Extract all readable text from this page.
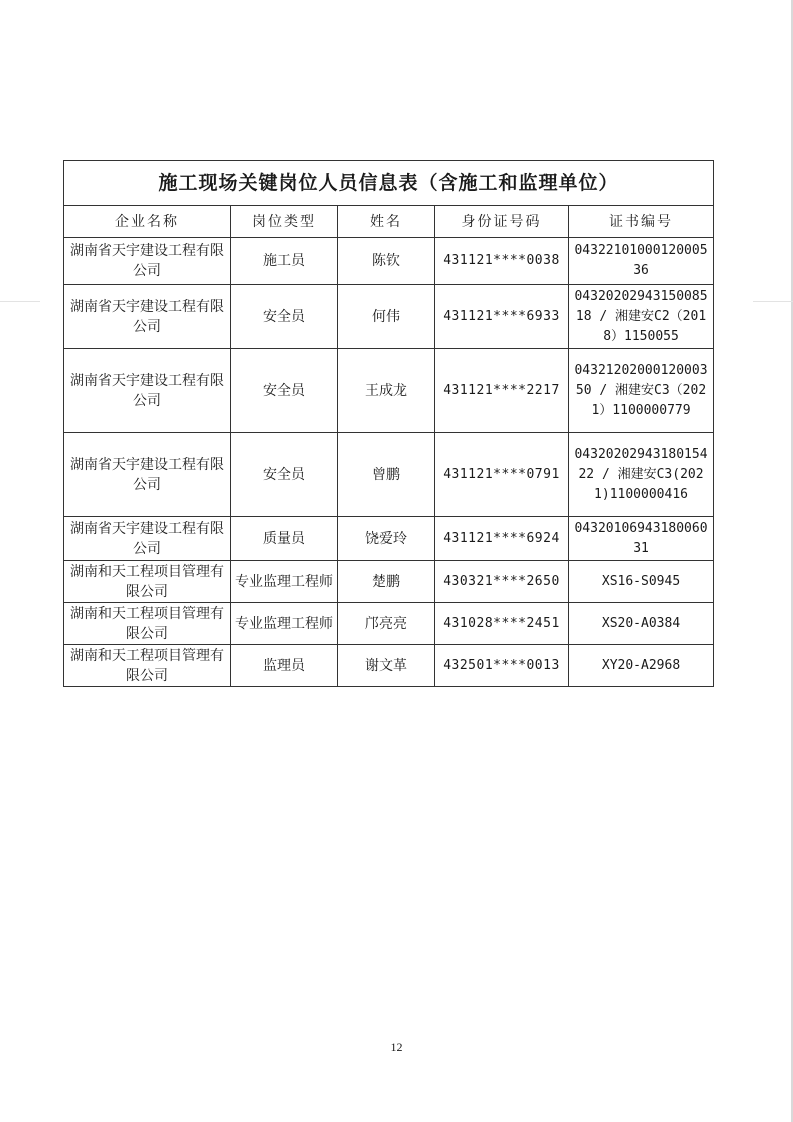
施工现场关键岗位人员信息表（含施工和监理单位）				
企业名称	岗位类型	姓名	身份证号码	证书编号
湖南省天宇建设工程有限公司	施工员	陈钦	431121****0038	0432210100012000536
湖南省天宇建设工程有限公司	安全员	何伟	431121****6933	0432020294315008518 / 湘建安C2（2018）1150055
湖南省天宇建设工程有限公司	安全员	王成龙	431121****2217	0432120200012000350 / 湘建安C3（2021）1100000779
湖南省天宇建设工程有限公司	安全员	曾鹏	431121****0791	0432020294318015422 / 湘建安C3(2021)1100000416
湖南省天宇建设工程有限公司	质量员	饶爱玲	431121****6924	0432010694318006031
湖南和天工程项目管理有限公司	专业监理工程师	楚鹏	430321****2650	XS16-S0945
湖南和天工程项目管理有限公司	专业监理工程师	邝亮亮	431028****2451	XS20-A0384
湖南和天工程项目管理有限公司	监理员	谢文革	432501****0013	XY20-A2968
12
